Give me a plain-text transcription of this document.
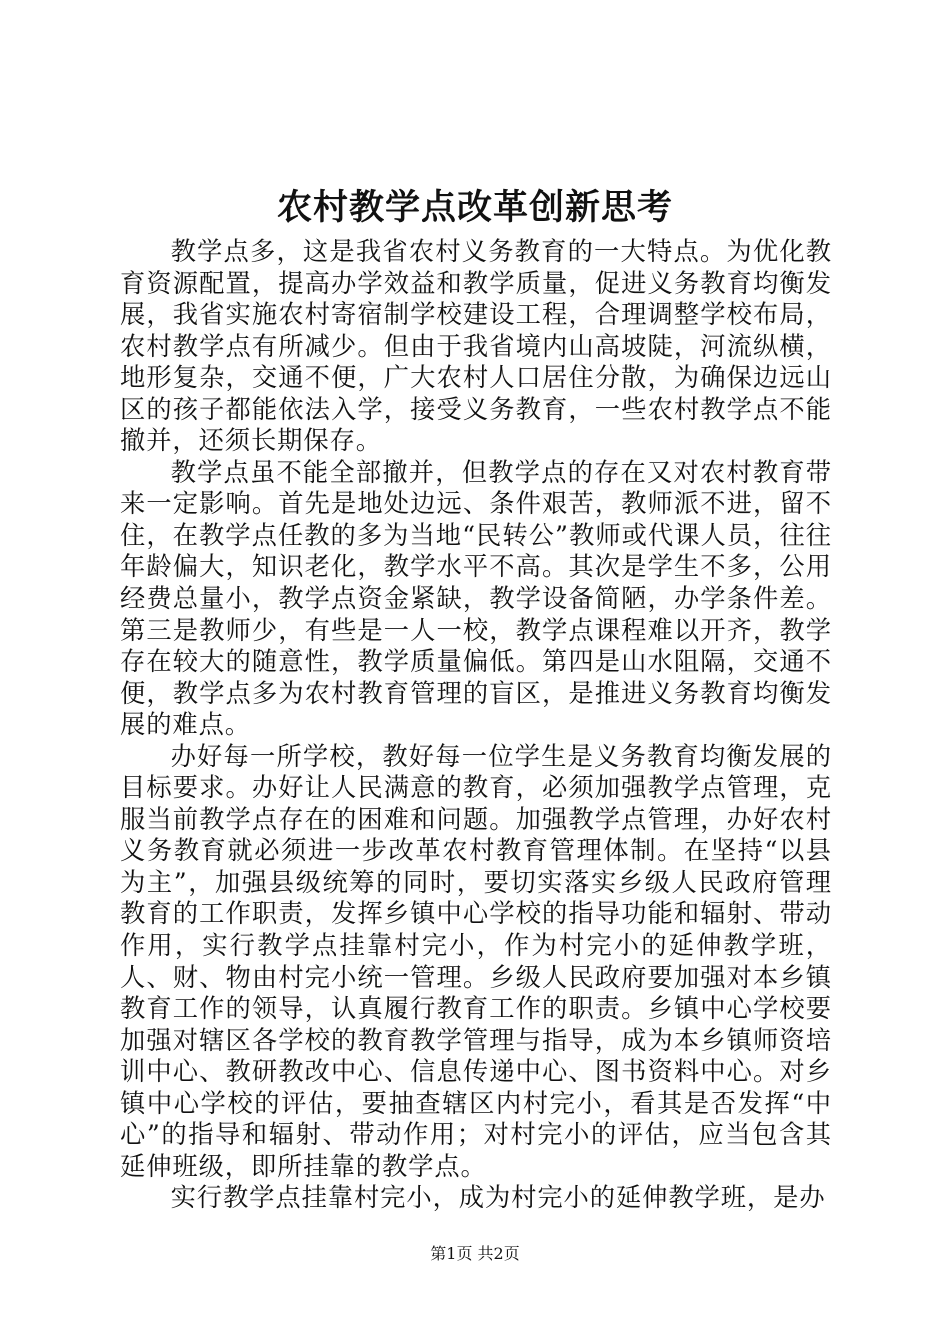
农村教学点改革创新思考

教学点多，这是我省农村义务教育的一大特点。为优化教育资源配置，提高办学效益和教学质量，促进义务教育均衡发展，我省实施农村寄宿制学校建设工程，合理调整学校布局，农村教学点有所减少。但由于我省境内山高坡陡，河流纵横，地形复杂，交通不便，广大农村人口居住分散，为确保边远山区的孩子都能依法入学，接受义务教育，一些农村教学点不能撤并，还须长期保存。

教学点虽不能全部撤并，但教学点的存在又对农村教育带来一定影响。首先是地处边远、条件艰苦，教师派不进，留不住，在教学点任教的多为当地“民转公”教师或代课人员，往往年龄偏大，知识老化，教学水平不高。其次是学生不多，公用经费总量小，教学点资金紧缺，教学设备简陋，办学条件差。第三是教师少，有些是一人一校，教学点课程难以开齐，教学存在较大的随意性，教学质量偏低。第四是山水阻隔，交通不便，教学点多为农村教育管理的盲区，是推进义务教育均衡发展的难点。

办好每一所学校，教好每一位学生是义务教育均衡发展的目标要求。办好让人民满意的教育，必须加强教学点管理，克服当前教学点存在的困难和问题。加强教学点管理，办好农村义务教育就必须进一步改革农村教育管理体制。在坚持“以县为主”，加强县级统筹的同时，要切实落实乡级人民政府管理教育的工作职责，发挥乡镇中心学校的指导功能和辐射、带动作用，实行教学点挂靠村完小，作为村完小的延伸教学班，人、财、物由村完小统一管理。乡级人民政府要加强对本乡镇教育工作的领导，认真履行教育工作的职责。乡镇中心学校要加强对辖区各学校的教育教学管理与指导，成为本乡镇师资培训中心、教研教改中心、信息传递中心、图书资料中心。对乡镇中心学校的评估，要抽查辖区内村完小，看其是否发挥“中心”的指导和辐射、带动作用；对村完小的评估，应当包含其延伸班级，即所挂靠的教学点。

实行教学点挂靠村完小，成为村完小的延伸教学班，是办

第1页 共2页
